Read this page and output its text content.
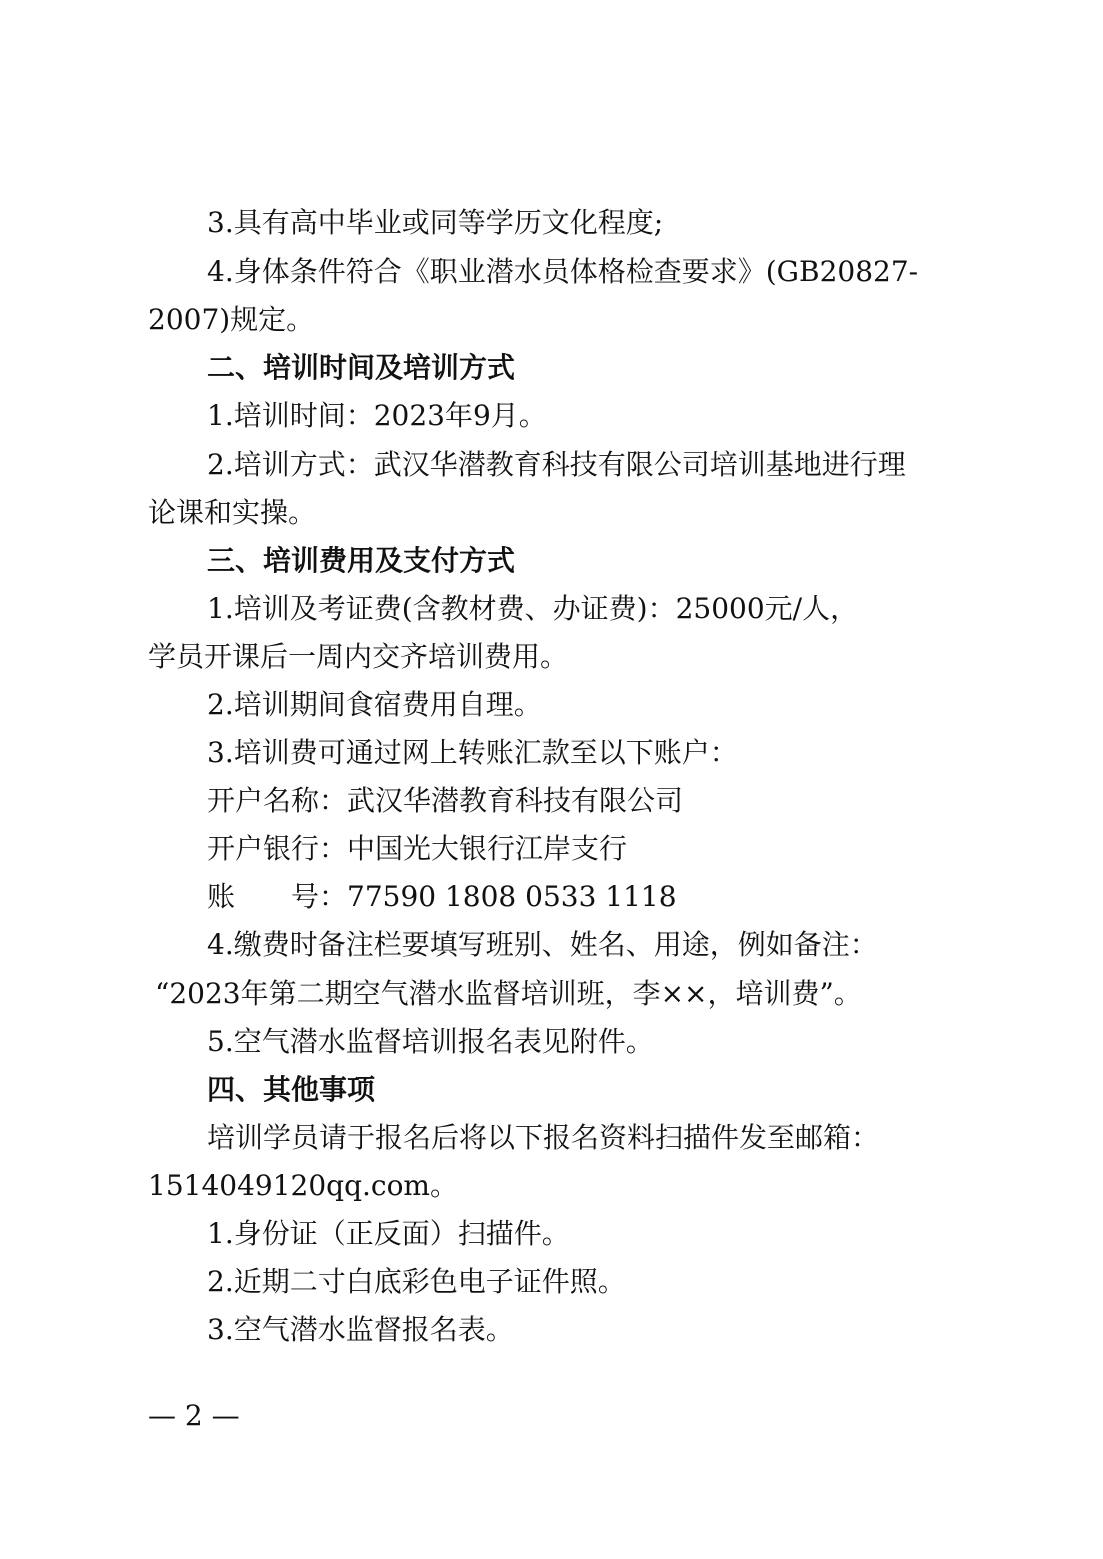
3.具有高中毕业或同等学历文化程度;
4.身体条件符合《职业潜水员体格检查要求》(GB20827-
2007)规定。
二、培训时间及培训方式
1.培训时间：2023年9月。
2.培训方式：武汉华潜教育科技有限公司培训基地进行理
论课和实操。
三、培训费用及支付方式
1.培训及考证费(含教材费、办证费)：25000元/人，
学员开课后一周内交齐培训费用。
2.培训期间食宿费用自理。
3.培训费可通过网上转账汇款至以下账户：
开户名称：武汉华潜教育科技有限公司
开户银行：中国光大银行江岸支行
账　　号：77590 1808 0533 1118
4.缴费时备注栏要填写班别、姓名、用途，例如备注：
“2023年第二期空气潜水监督培训班，李××，培训费”。
5.空气潜水监督培训报名表见附件。
四、其他事项
培训学员请于报名后将以下报名资料扫描件发至邮箱：
1514049120qq.com。
1.身份证（正反面）扫描件。
2.近期二寸白底彩色电子证件照。
3.空气潜水监督报名表。
— 2 —
